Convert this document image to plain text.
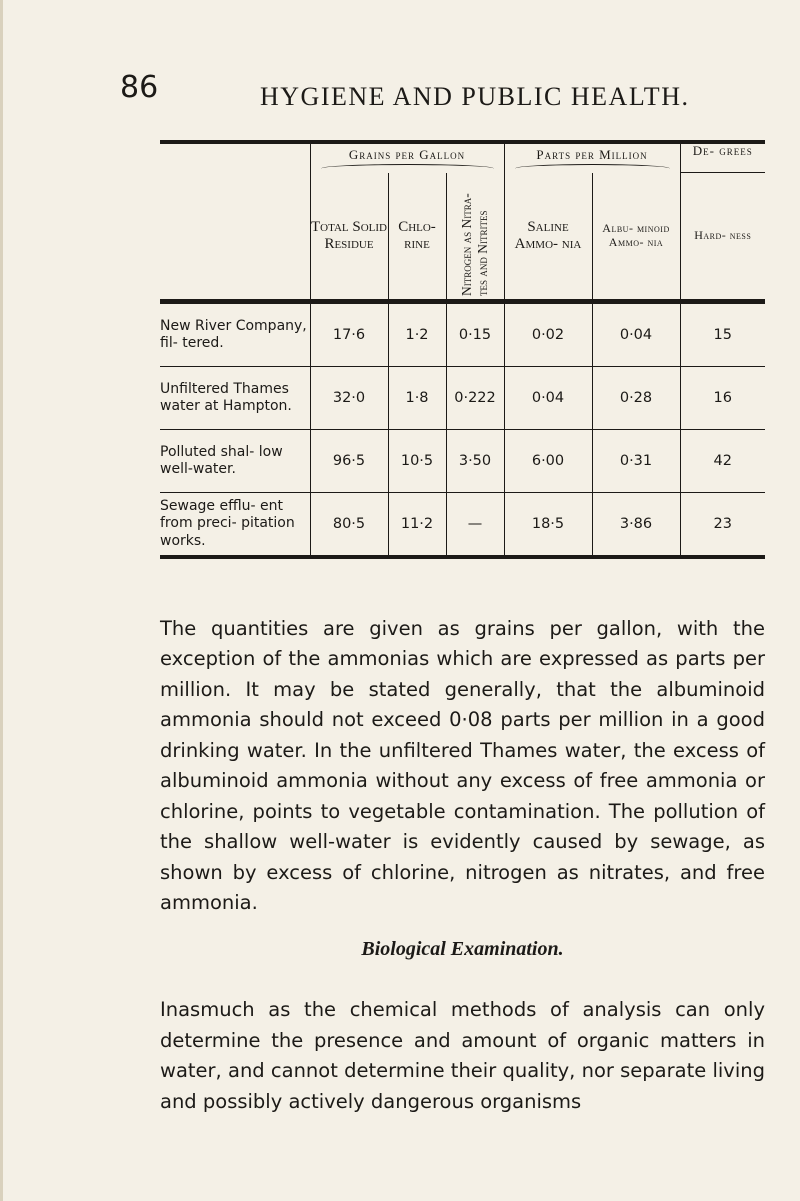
86	HYGIENE AND PUBLIC HEALTH.
		Grains per Gallon			Parts per Million		De- grees

	Total Solid Residue	Chlo- rine	Nitrogen as Nitra- tes and Nitrites	Saline Ammo- nia	Albu- minoid Ammo- nia	Hard- ness
New River Company, fil- tered.	17·6	1·2	0·15	0·02	0·04	15
Unfiltered Thames water at Hampton.	32·0	1·8	0·222	0·04	0·28	16
Polluted shal- low well-water.	96·5	10·5	3·50	6·00	0·31	42
Sewage efflu- ent from preci- pitation works.	80·5	11·2	—	18·5	3·86	23

The quantities are given as grains per gallon, with the exception of the ammonias which are expressed as parts per million. It may be stated generally, that the albuminoid ammonia should not exceed 0·08 parts per million in a good drinking water. In the unfiltered Thames water, the excess of albuminoid ammonia without any excess of free ammonia or chlorine, points to vegetable contamination. The pollution of the shallow well-water is evidently caused by sewage, as shown by excess of chlorine, nitrogen as nitrates, and free ammonia.

Biological Examination.

Inasmuch as the chemical methods of analysis can only determine the presence and amount of organic matters in water, and cannot determine their quality, nor separate living and possibly actively dangerous organisms
